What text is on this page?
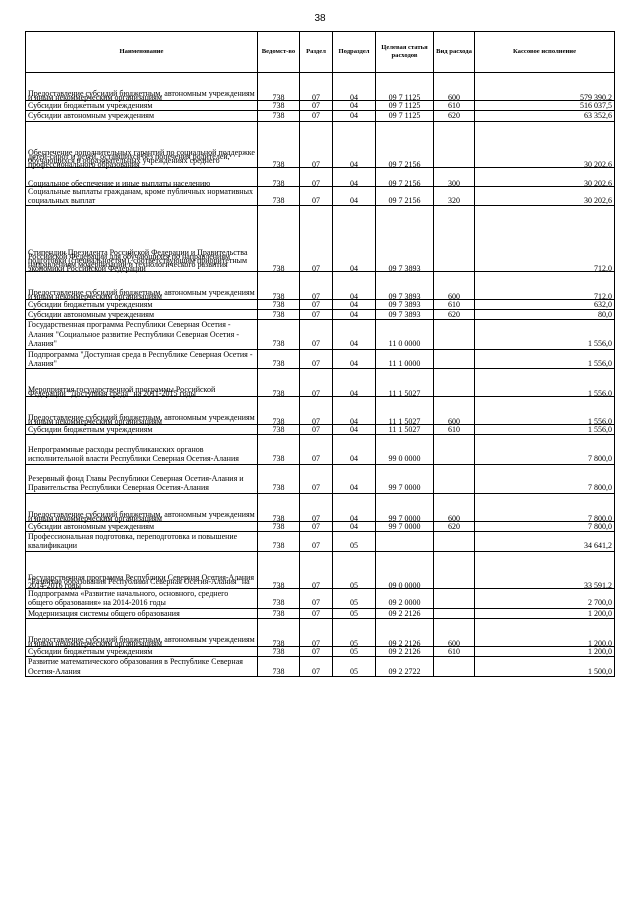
38
Наименование	Ведомст-во	Раздел	Подраздел	Целевая статья расходов	Вид расхода	Кассовое исполнение
Предоставление субсидий бюджетным, автономным учреждениям и иным некоммерческим организациям	738	07	04	09 7 1125	600	579 390,2
Субсидии бюджетным учреждениям	738	07	04	09 7 1125	610	516 037,5
Субсидии автономным учреждениям	738	07	04	09 7 1125	620	63 352,6
Обеспечение дополнительных гарантий по социальной поддержке детей-сирот и детей, оставшихся без попечения родителей, обучающихся в образовательных учреждениях среднего профессионального образования	738	07	04	09 7 2156		30 202,6
Социальное обеспечение и иные выплаты населению	738	07	04	09 7 2156	300	30 202,6
Социальные выплаты гражданам, кроме публичных нормативных социальных выплат	738	07	04	09 7 2156	320	30 202,6
Стипендии Президента Российской Федерации и Правительства Российской Федерации для обучающихся по направлениям подготовки (специальностям), соответствующим приоритетным направлениям модернизации и технологического развития экономики Российской Федерации	738	07	04	09 7 3893		712,0
Предоставление субсидий бюджетным, автономным учреждениям и иным некоммерческим организациям	738	07	04	09 7 3893	600	712,0
Субсидии бюджетным учреждениям	738	07	04	09 7 3893	610	632,0
Субсидии автономным учреждениям	738	07	04	09 7 3893	620	80,0
Государственная программа Республики Северная Осетия - Алания "Социальное развитие Республики Северная Осетия - Алания"	738	07	04	11 0 0000		1 556,0
Подпрограмма "Доступная среда в Республике Северная Осетия - Алания"	738	07	04	11 1 0000		1 556,0
Мероприятия государственной программы Российской Федерации "Доступная среда" на 2011-2015 годы	738	07	04	11 1 5027		1 556,0
Предоставление субсидий бюджетным, автономным учреждениям и иным некоммерческим организациям	738	07	04	11 1 5027	600	1 556,0
Субсидии бюджетным учреждениям	738	07	04	11 1 5027	610	1 556,0
Непрограммные расходы республиканских органов исполнительной власти Республики Северная Осетия-Алания	738	07	04	99 0 0000		7 800,0
Резервный фонд Главы Республики Северная Осетия-Алания и Правительства Республики Северная Осетия-Алания	738	07	04	99 7 0000		7 800,0
Предоставление субсидий бюджетным, автономным учреждениям и иным некоммерческим организациям	738	07	04	99 7 0000	600	7 800,0
Субсидии автономным учреждениям	738	07	04	99 7 0000	620	7 800,0
Профессиональная подготовка, переподготовка и повышение квалификации	738	07	05			34 641,2
Государственная программа Республики Северная Осетия-Алания "Развитие образования Республики Северная Осетия-Алания" на 2014-2016 годы	738	07	05	09 0 0000		33 591,2
Подпрограмма «Развитие начального, основного, среднего общего образования» на 2014-2016 годы	738	07	05	09 2 0000		2 700,0
Модернизация системы общего образования	738	07	05	09 2 2126		1 200,0
Предоставление субсидий бюджетным, автономным учреждениям и иным некоммерческим организациям	738	07	05	09 2 2126	600	1 200,0
Субсидии бюджетным учреждениям	738	07	05	09 2 2126	610	1 200,0
Развитие математического образования в Республике Северная Осетия-Алания	738	07	05	09 2 2722		1 500,0
